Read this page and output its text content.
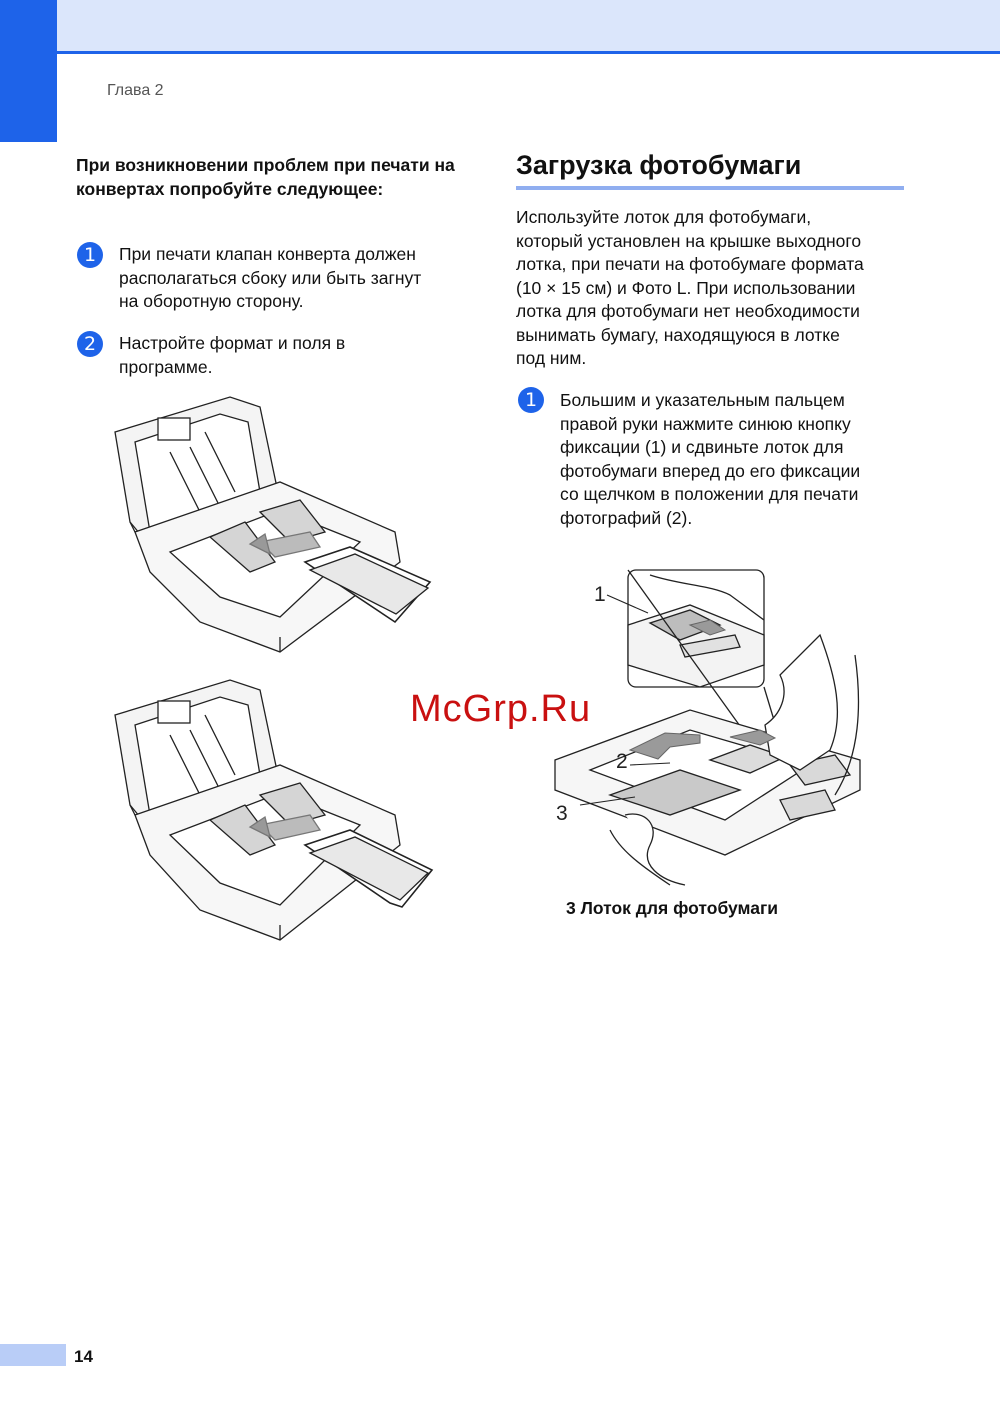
Глава 2
При возникновении проблем при печати на конвертах попробуйте следующее:
1	При печати клапан конверта должен
располагаться сбоку или быть загнут
на оборотную сторону.
2	Настройте формат и поля в
программе.
Загрузка фотобумаги
Используйте лоток для фотобумаги,
который установлен на крышке выходного
лотка, при печати на фотобумаге формата
(10 × 15 см) и Фото L. При использовании
лотка для фотобумаги нет необходимости
вынимать бумагу, находящуюся в лотке
под ним.
1	Большим и указательным пальцем
правой руки нажмите синюю кнопку
фиксации (1) и сдвиньте лоток для
фотобумаги вперед до его фиксации
со щелчком в положении для печати
фотографий (2).
1
2
3
3 Лоток для фотобумаги
McGrp.Ru
14
